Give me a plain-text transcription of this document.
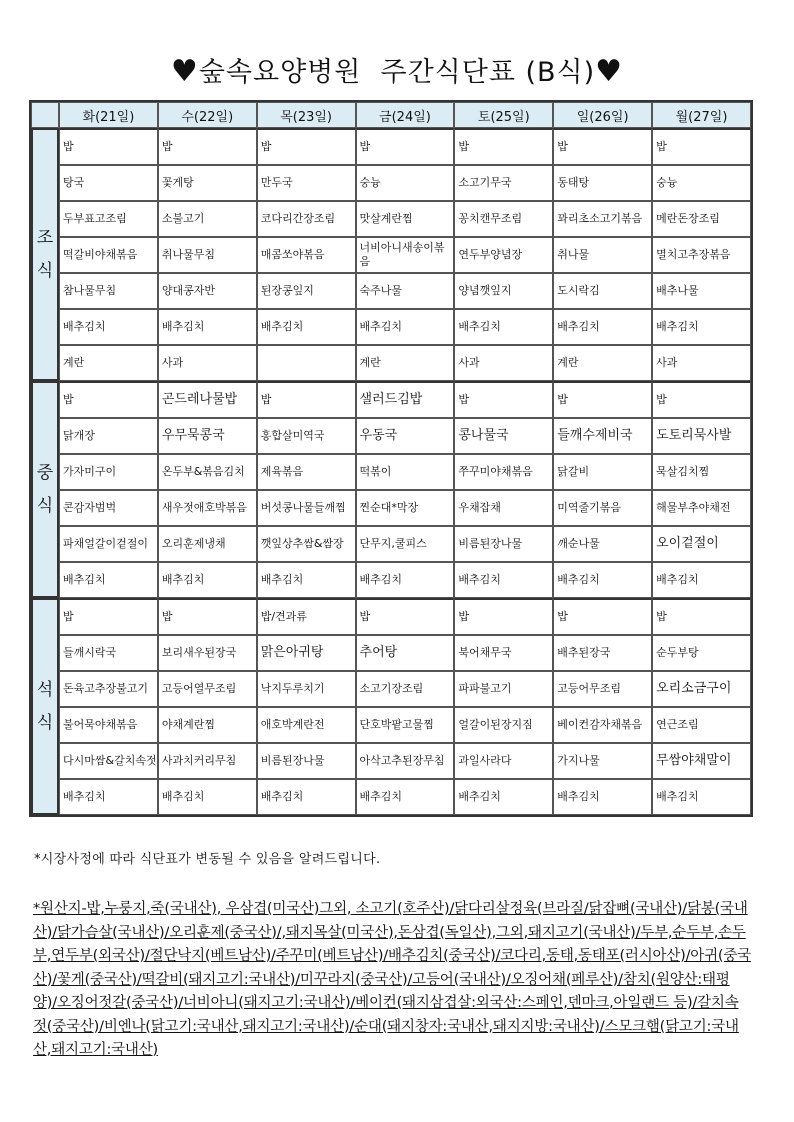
♥숲속요양병원  주간식단표 (B식)♥
	화(21일)	수(22일)	목(23일)	금(24일)	토(25일)	일(26일)	월(27일)
조
식	밥	밥	밥	밥	밥	밥	밥
	탕국	꽃게탕	만두국	숭늉	소고기무국	동태탕	숭늉
	두부표고조림	소불고기	코다리간장조림	맛살계란찜	꽁치캔무조림	꽈리초소고기볶음	메란돈장조림
	떡갈비야채볶음	취나물무침	매콤쏘야볶음	너비아니새송이볶음	연두부양념장	취나물	멸치고추장볶음
	참나물무침	양대콩자반	된장콩잎지	숙주나물	양념깻잎지	도시락김	배추나물
	배추김치	배추김치	배추김치	배추김치	배추김치	배추김치	배추김치
	계란	사과		계란	사과	계란	사과
중
식	밥	곤드레나물밥	밥	샐러드김밥	밥	밥	밥
	닭개장	우무묵콩국	홍합살미역국	우동국	콩나물국	들깨수제비국	도토리묵사발
	가자미구이	온두부&볶음김치	제육볶음	떡볶이	쭈꾸미야채볶음	닭갈비	묵살김치찜
	콘감자범벅	새우젓애호박볶음	버섯콩나물들깨찜	찐순대*막장	우채잡채	미역줄기볶음	해물부추야채전
	파채얼갈이겉절이	오리훈제냉채	깻잎상추쌈&쌈장	단무지,쿨피스	비름된장나물	깨순나물	오이겉절이
	배추김치	배추김치	배추김치	배추김치	배추김치	배추김치	배추김치
석
식	밥	밥	밥/견과류	밥	밥	밥	밥
	들깨시락국	보리새우된장국	맑은아귀탕	추어탕	북어채무국	배추된장국	순두부탕
	돈육고추장불고기	고등어열무조림	낙지두루치기	소고기장조림	파파불고기	고등어무조림	오리소금구이
	불어묵야채볶음	야채계란찜	애호박계란전	단호박팥고물찜	얼갈이된장지짐	베이컨감자채볶음	연근조림
	다시마쌈&갈치속젓	사과치커리무침	비름된장나물	아삭고추된장무침	과일사라다	가지나물	무쌈야채말이
	배추김치	배추김치	배추김치	배추김치	배추김치	배추김치	배추김치
*시장사정에 따라 식단표가 변동될 수 있음을 알려드립니다.
*원산지-밥,누룽지,죽(국내산), 우삼겹(미국산)그외, 소고기(호주산)/닭다리살정육(브라질/닭잡뼈(국내산)/닭봉(국내산)/닭가슴살(국내산)/오리훈제(중국산)/,돼지목살(미국산),돈삼겹(독일산),그외,돼지고기(국내산)/두부,순두부,손두부,연두부(외국산)/절단낙지(베트남산)/주꾸미(베트남산)/배추김치(중국산)/코다리,동태,동태포(러시아산)/아귀(중국산)/꽃게(중국산)/떡갈비(돼지고기:국내산)/미꾸라지(중국산)/고등어(국내산)/오징어채(페루산)/참치(원양산:태평양)/오징어젓갈(중국산)/너비아니(돼지고기:국내산)/베이컨(돼지삼겹살:외국산:스페인,덴마크,아일랜드 등)/갈치속젓(중국산)/비엔나(닭고기:국내산,돼지고기:국내산)/순대(돼지창자:국내산,돼지지방:국내산)/스모크햄(닭고기:국내산,돼지고기:국내산)
